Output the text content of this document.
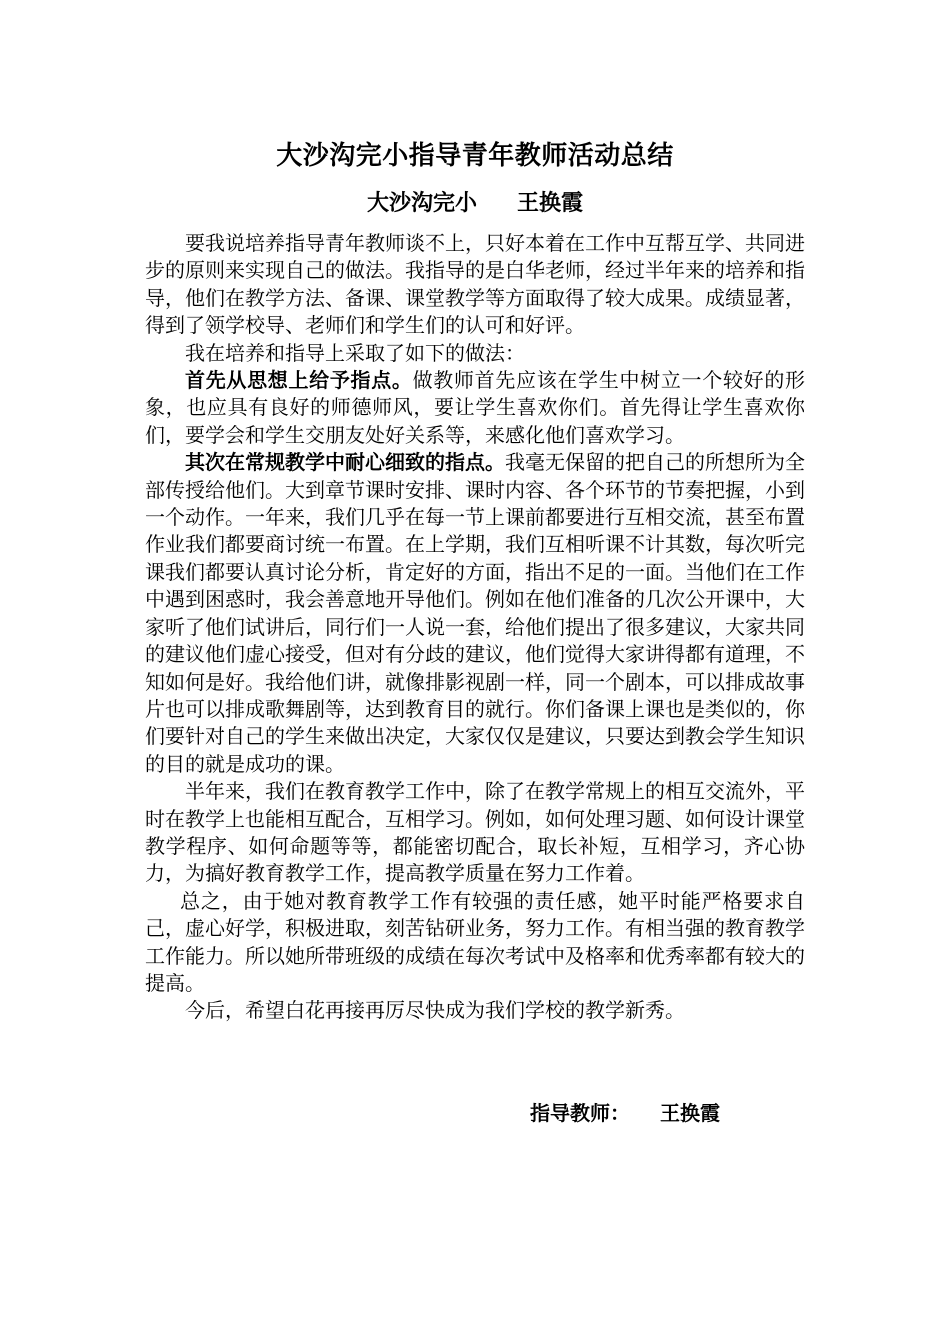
大沙沟完小指导青年教师活动总结
大沙沟完小 王换霞

要我说培养指导青年教师谈不上，只好本着在工作中互帮互学、共同进步的原则来实现自己的做法。我指导的是白华老师，经过半年来的培养和指导，他们在教学方法、备课、课堂教学等方面取得了较大成果。成绩显著，得到了领学校导、老师们和学生们的认可和好评。

我在培养和指导上采取了如下的做法：

首先从思想上给予指点。做教师首先应该在学生中树立一个较好的形象，也应具有良好的师德师风，要让学生喜欢你们。首先得让学生喜欢你们，要学会和学生交朋友处好关系等，来感化他们喜欢学习。

其次在常规教学中耐心细致的指点。我毫无保留的把自己的所想所为全部传授给他们。大到章节课时安排、课时内容、各个环节的节奏把握，小到一个动作。一年来，我们几乎在每一节上课前都要进行互相交流，甚至布置作业我们都要商讨统一布置。在上学期，我们互相听课不计其数，每次听完课我们都要认真讨论分析，肯定好的方面，指出不足的一面。当他们在工作中遇到困惑时，我会善意地开导他们。例如在他们准备的几次公开课中，大家听了他们试讲后，同行们一人说一套，给他们提出了很多建议，大家共同的建议他们虚心接受，但对有分歧的建议，他们觉得大家讲得都有道理，不知如何是好。我给他们讲，就像排影视剧一样，同一个剧本，可以排成故事片也可以排成歌舞剧等，达到教育目的就行。你们备课上课也是类似的，你们要针对自己的学生来做出决定，大家仅仅是建议，只要达到教会学生知识的目的就是成功的课。

半年来，我们在教育教学工作中，除了在教学常规上的相互交流外，平时在教学上也能相互配合，互相学习。例如，如何处理习题、如何设计课堂教学程序、如何命题等等，都能密切配合，取长补短，互相学习，齐心协力，为搞好教育教学工作，提高教学质量在努力工作着。

总之，由于她对教育教学工作有较强的责任感，她平时能严格要求自己，虚心好学，积极进取，刻苦钻研业务，努力工作。有相当强的教育教学工作能力。所以她所带班级的成绩在每次考试中及格率和优秀率都有较大的提高。

今后，希望白花再接再厉尽快成为我们学校的教学新秀。

指导教师： 王换霞
